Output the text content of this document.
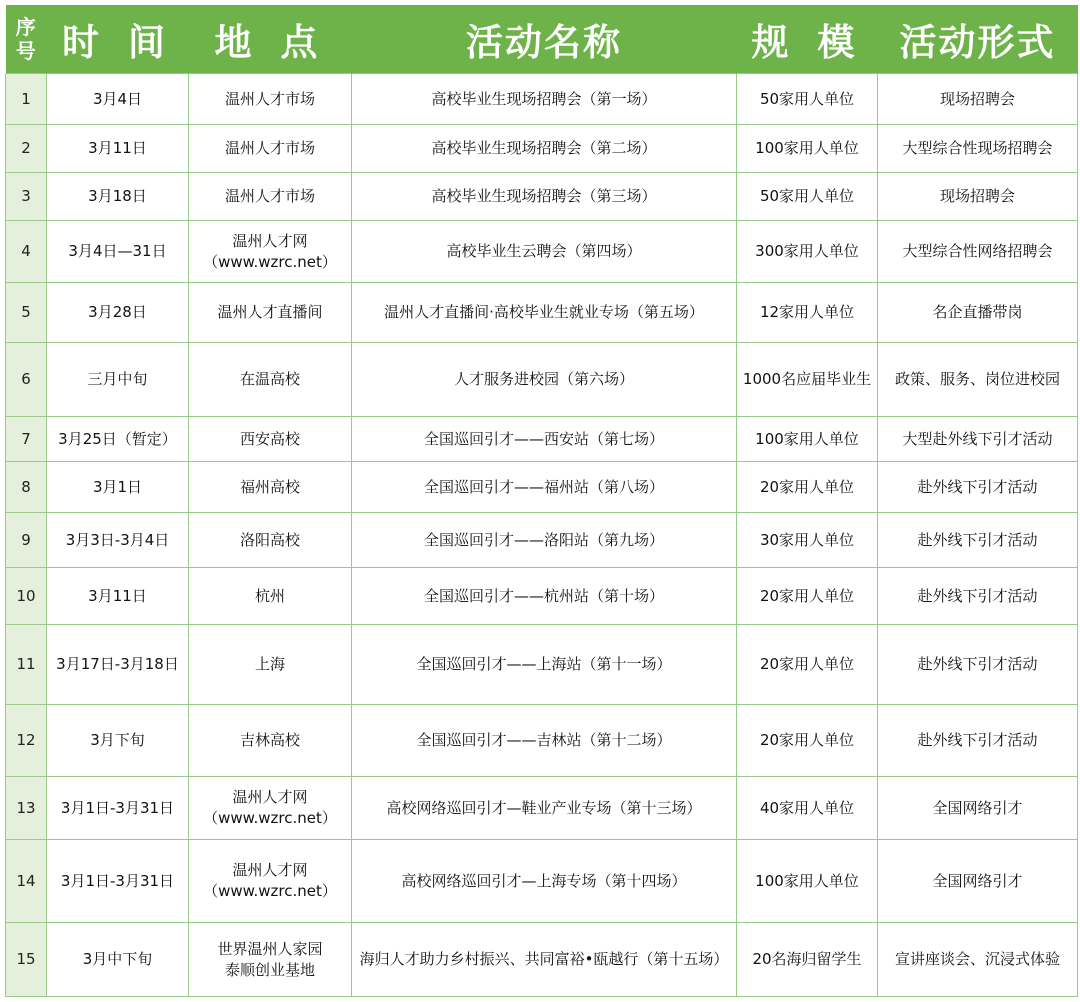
序
号	时 间	地 点	活动名称	规 模	活动形式
1	3月4日	温州人才市场	高校毕业生现场招聘会（第一场）	50家用人单位	现场招聘会
2	3月11日	温州人才市场	高校毕业生现场招聘会（第二场）	100家用人单位	大型综合性现场招聘会
3	3月18日	温州人才市场	高校毕业生现场招聘会（第三场）	50家用人单位	现场招聘会
4	3月4日—31日	温州人才网
（www.wzrc.net）	高校毕业生云聘会（第四场）	300家用人单位	大型综合性网络招聘会
5	3月28日	温州人才直播间	温州人才直播间·高校毕业生就业专场（第五场）	12家用人单位	名企直播带岗
6	三月中旬	在温高校	人才服务进校园（第六场）	1000名应届毕业生	政策、服务、岗位进校园
7	3月25日（暂定）	西安高校	全国巡回引才——西安站（第七场）	100家用人单位	大型赴外线下引才活动
8	3月1日	福州高校	全国巡回引才——福州站（第八场）	20家用人单位	赴外线下引才活动
9	3月3日-3月4日	洛阳高校	全国巡回引才——洛阳站（第九场）	30家用人单位	赴外线下引才活动
10	3月11日	杭州	全国巡回引才——杭州站（第十场）	20家用人单位	赴外线下引才活动
11	3月17日-3月18日	上海	全国巡回引才——上海站（第十一场）	20家用人单位	赴外线下引才活动
12	3月下旬	吉林高校	全国巡回引才——吉林站（第十二场）	20家用人单位	赴外线下引才活动
13	3月1日-3月31日	温州人才网
（www.wzrc.net）	高校网络巡回引才—鞋业产业专场（第十三场）	40家用人单位	全国网络引才
14	3月1日-3月31日	温州人才网
（www.wzrc.net）	高校网络巡回引才—上海专场（第十四场）	100家用人单位	全国网络引才
15	3月中下旬	世界温州人家园
泰顺创业基地	海归人才助力乡村振兴、共同富裕•瓯越行（第十五场）	20名海归留学生	宣讲座谈会、沉浸式体验
